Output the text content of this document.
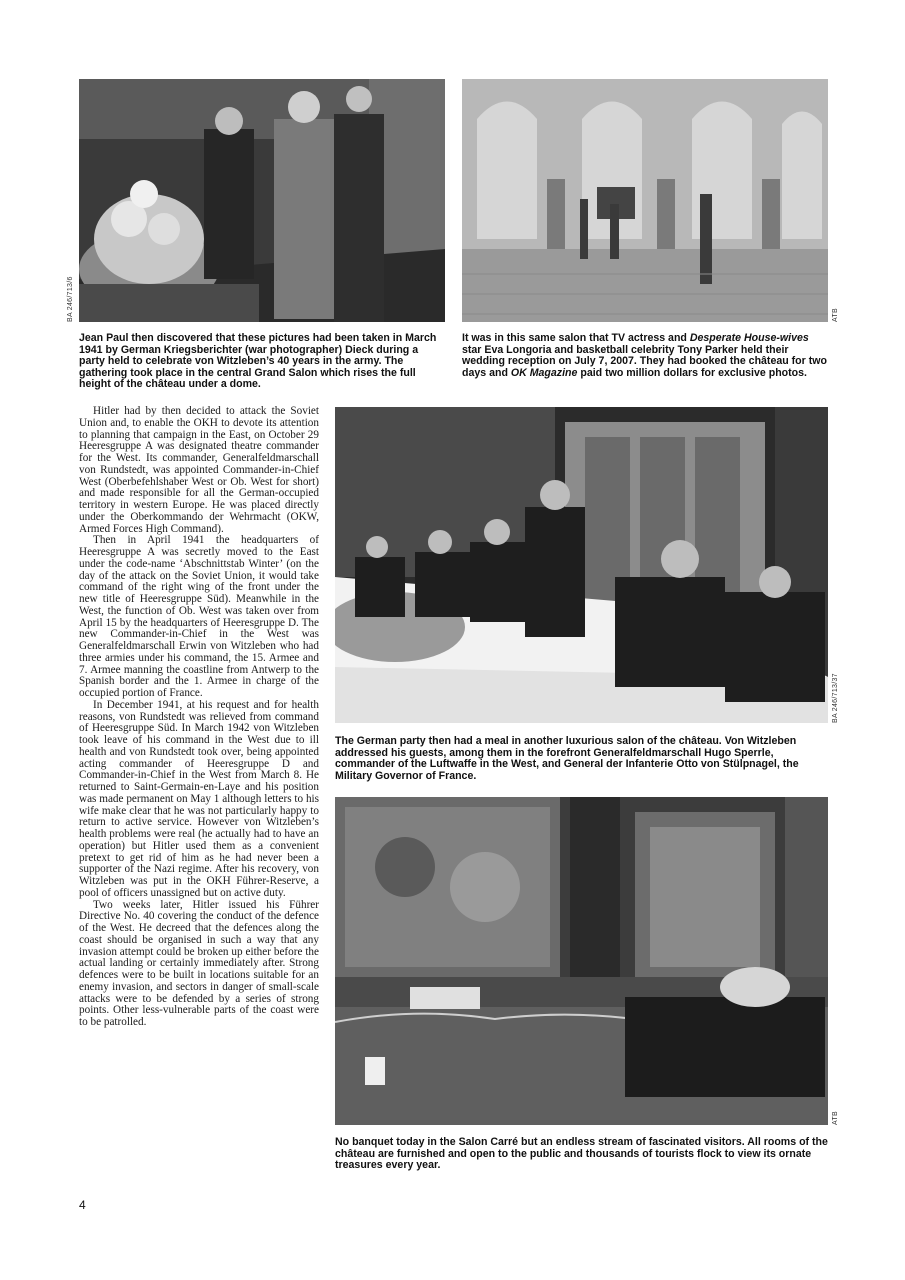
BA 246/713/6	ATB

Jean Paul then discovered that these pictures had been taken in March 1941 by German Kriegsberichter (war photographer) Dieck during a party held to celebrate von Witzleben’s 40 years in the army. The gathering took place in the central Grand Salon which rises the full height of the château under a dome.

It was in this same salon that TV actress and Desperate House-wives star Eva Longoria and basketball celebrity Tony Parker held their wedding reception on July 7, 2007. They had booked the château for two days and OK Magazine paid two million dollars for exclusive photos.

Hitler had by then decided to attack the Soviet Union and, to enable the OKH to devote its attention to planning that campaign in the East, on October 29 Heeresgruppe A was designated theatre commander for the West. Its commander, Generalfeldmarschall von Rundstedt, was appointed Commander-in-Chief West (Oberbefehlshaber West or Ob. West for short) and made responsible for all the German-occupied territory in western Europe. He was placed directly under the Oberkommando der Wehrmacht (OKW, Armed Forces High Command).

Then in April 1941 the headquarters of Heeresgruppe A was secretly moved to the East under the code-name ‘Abschnittstab Winter’ (on the day of the attack on the Soviet Union, it would take command of the right wing of the front under the new title of Heeresgruppe Süd). Meanwhile in the West, the function of Ob. West was taken over from April 15 by the headquarters of Heeresgruppe D. The new Commander-in-Chief in the West was Generalfeldmarschall Erwin von Witzleben who had three armies under his command, the 15. Armee and 7. Armee manning the coastline from Antwerp to the Spanish border and the 1. Armee in charge of the occupied portion of France.

In December 1941, at his request and for health reasons, von Rundstedt was relieved from command of Heeresgruppe Süd. In March 1942 von Witzleben took leave of his command in the West due to ill health and von Rundstedt took over, being appointed acting commander of Heeresgruppe D and Commander-in-Chief in the West from March 8. He returned to Saint-Germain-en-Laye and his position was made permanent on May 1 although letters to his wife make clear that he was not particularly happy to return to active service. However von Witzleben’s health problems were real (he actually had to have an operation) but Hitler used them as a convenient pretext to get rid of him as he had never been a supporter of the Nazi regime. After his recovery, von Witzleben was put in the OKH Führer-Reserve, a pool of officers unassigned but on active duty.

Two weeks later, Hitler issued his Führer Directive No. 40 covering the conduct of the defence of the West. He decreed that the defences along the coast should be organised in such a way that any invasion attempt could be broken up either before the actual landing or certainly immediately after. Strong defences were to be built in locations suitable for an enemy invasion, and sectors in danger of small-scale attacks were to be defended by a series of strong points. Other less-vulnerable parts of the coast were to be patrolled.

BA 246/713/37

The German party then had a meal in another luxurious salon of the château. Von Witzleben addressed his guests, among them in the forefront Generalfeldmarschall Hugo Sperrle, commander of the Luftwaffe in the West, and General der Infanterie Otto von Stülpnagel, the Military Governor of France.

ATB

No banquet today in the Salon Carré but an endless stream of fascinated visitors. All rooms of the château are furnished and open to the public and thousands of tourists flock to view its ornate treasures every year.

4
